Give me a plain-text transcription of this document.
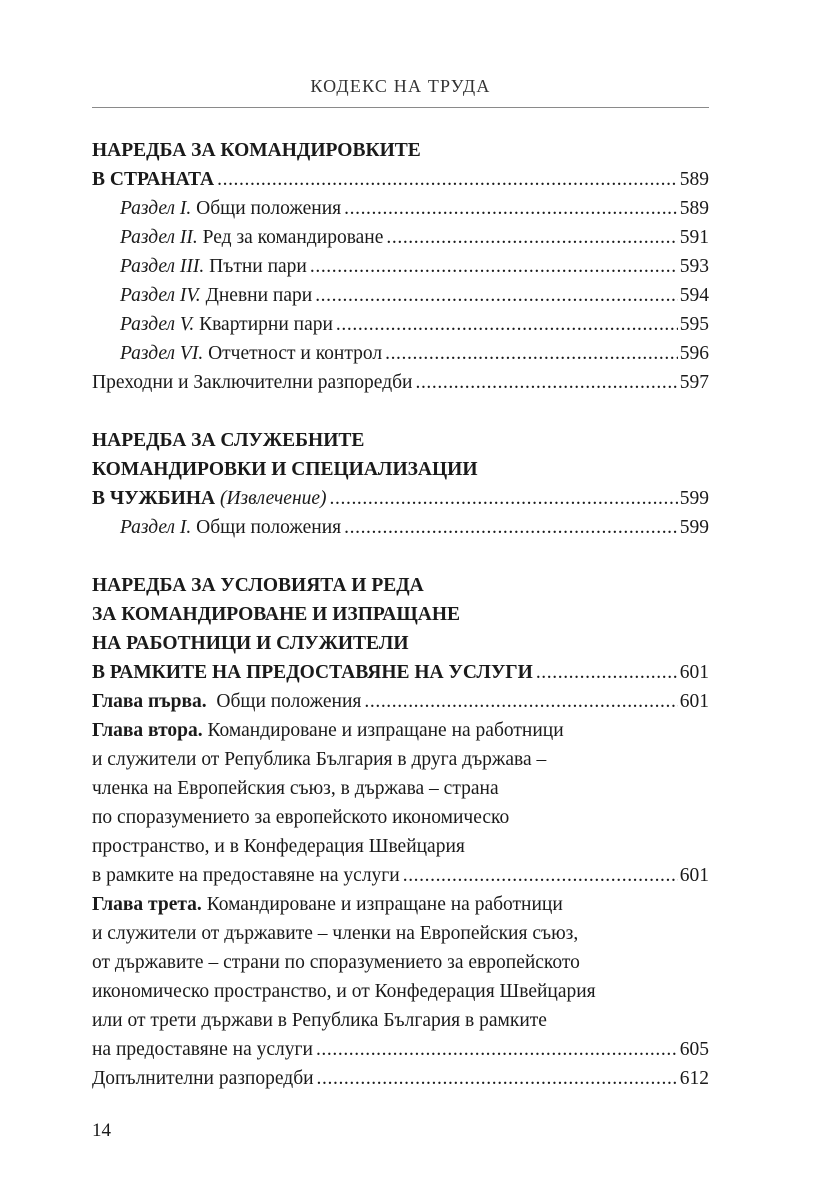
КОДЕКС НА ТРУДА
НАРЕДБА ЗА КОМАНДИРОВКИТЕ
В СТРАНАТА .....	589
Раздел I. Общи положения .....	589
Раздел II. Ред за командироване .....	591
Раздел III. Пътни пари .....	593
Раздел IV. Дневни пари .....	594
Раздел V. Квартирни пари .....	595
Раздел VI. Отчетност и контрол .....	596
Преходни и Заключителни разпоредби .....	597
НАРЕДБА ЗА СЛУЖЕБНИТЕ
КОМАНДИРОВКИ И СПЕЦИАЛИЗАЦИИ
В ЧУЖБИНА (Извлечение) .....	599
Раздел I. Общи положения .....	599
НАРЕДБА ЗА УСЛОВИЯТА И РЕДА
ЗА КОМАНДИРОВАНЕ И ИЗПРАЩАНЕ
НА РАБОТНИЦИ И СЛУЖИТЕЛИ
В РАМКИТЕ НА ПРЕДОСТАВЯНЕ НА УСЛУГИ .....	601
Глава първа. Общи положения .....	601
Глава втора. Командироване и изпращане на работници
и служители от Република България в друга държава –
членка на Европейския съюз, в държава – страна
по споразумението за европейското икономическо
пространство, и в Конфедерация Швейцария
в рамките на предоставяне на услуги .....	601
Глава трета. Командироване и изпращане на работници
и служители от държавите – членки на Европейския съюз,
от държавите – страни по споразумението за европейското
икономическо пространство, и от Конфедерация Швейцария
или от трети държави в Република България в рамките
на предоставяне на услуги .....	605
Допълнителни разпоредби .....	612
14
